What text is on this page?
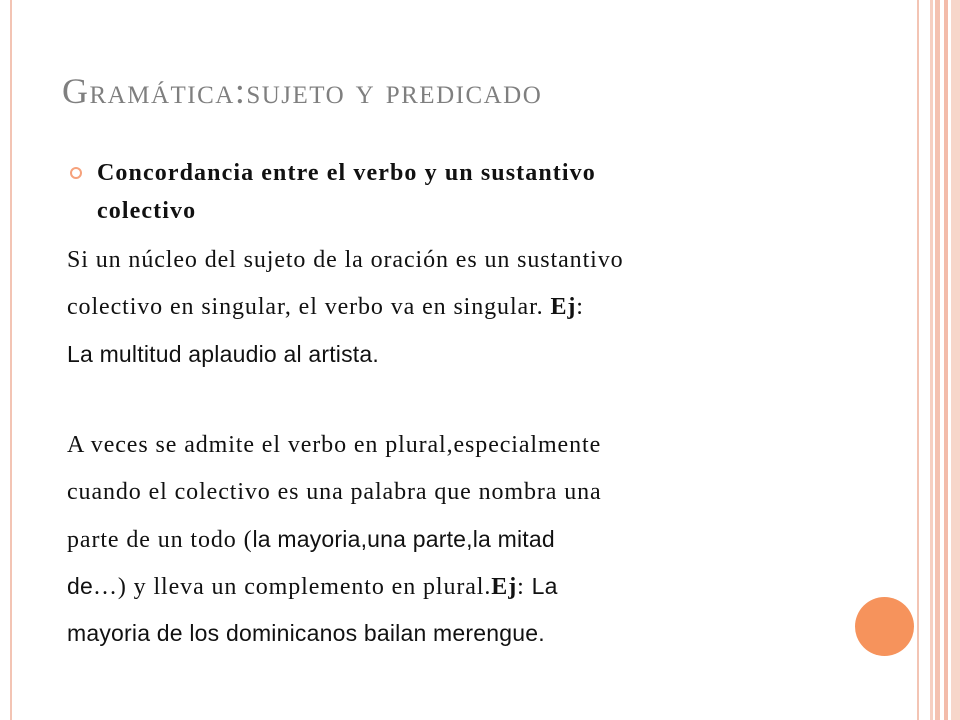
Gramática:sujeto y predicado
Concordancia entre el verbo y un sustantivo
colectivo
Si un núcleo del sujeto de la oración es un sustantivo
colectivo en singular, el verbo va en singular. Ej:
La multitud aplaudio al artista.
A veces se admite el verbo en plural,especialmente
cuando el colectivo es una palabra que nombra una
parte de un todo (la mayoria,una parte,la mitad
de…) y lleva un complemento en plural.Ej: La
mayoria de los dominicanos bailan merengue.
